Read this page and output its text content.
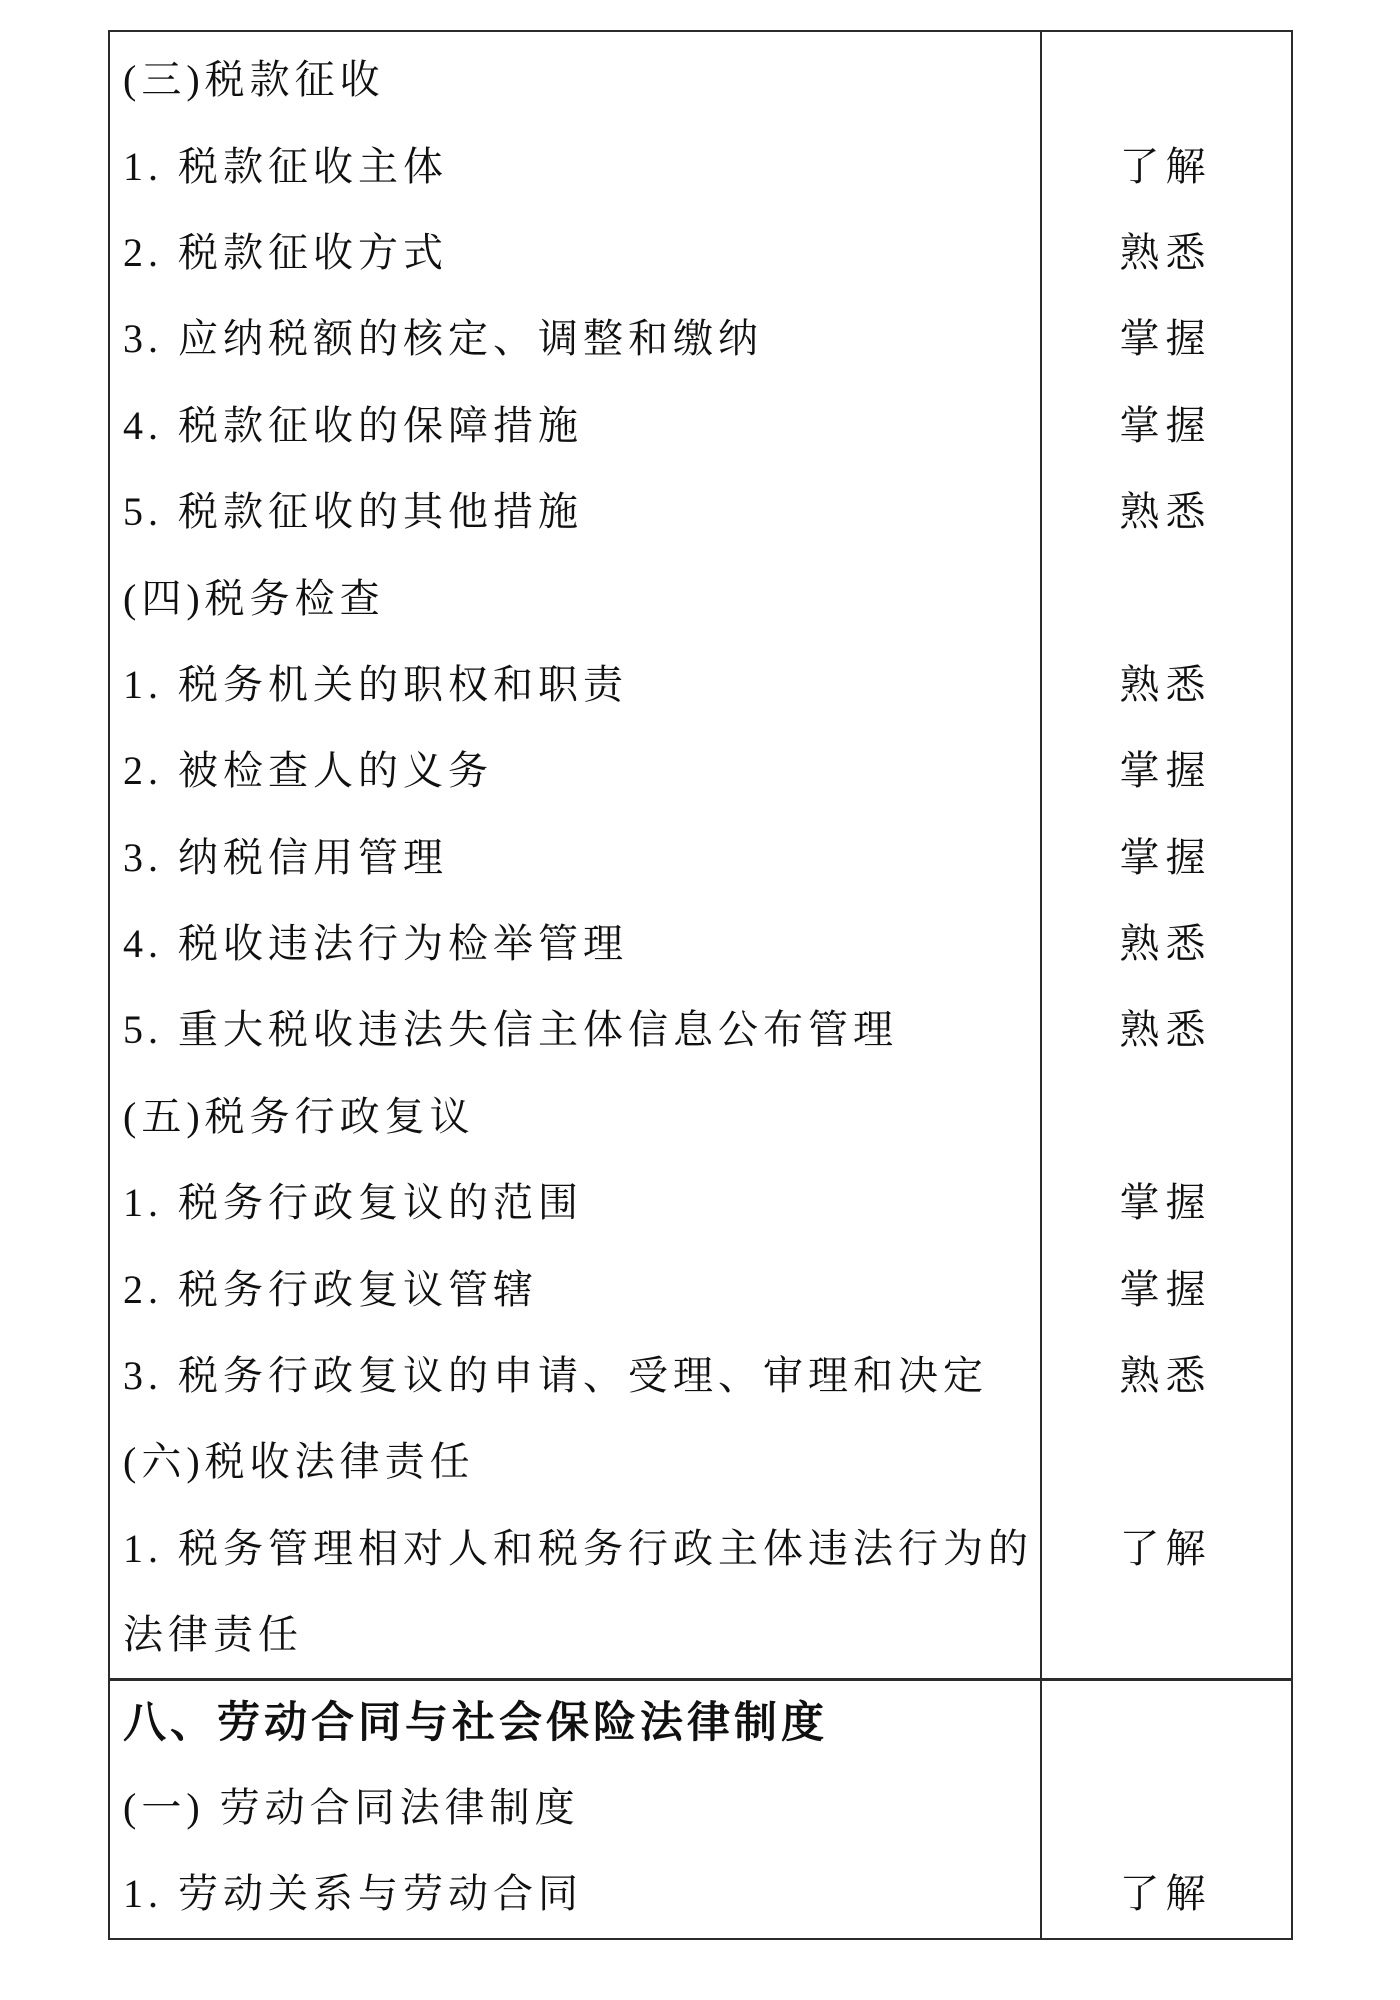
(三)税款征收
1. 税款征收主体	了解
2. 税款征收方式	熟悉
3. 应纳税额的核定、调整和缴纳	掌握
4. 税款征收的保障措施	掌握
5. 税款征收的其他措施	熟悉
(四)税务检查
1. 税务机关的职权和职责	熟悉
2. 被检查人的义务	掌握
3. 纳税信用管理	掌握
4. 税收违法行为检举管理	熟悉
5. 重大税收违法失信主体信息公布管理	熟悉
(五)税务行政复议
1. 税务行政复议的范围	掌握
2. 税务行政复议管辖	掌握
3. 税务行政复议的申请、受理、审理和决定	熟悉
(六)税收法律责任
1. 税务管理相对人和税务行政主体违法行为的	了解
法律责任
八、劳动合同与社会保险法律制度
(一) 劳动合同法律制度
1. 劳动关系与劳动合同	了解
